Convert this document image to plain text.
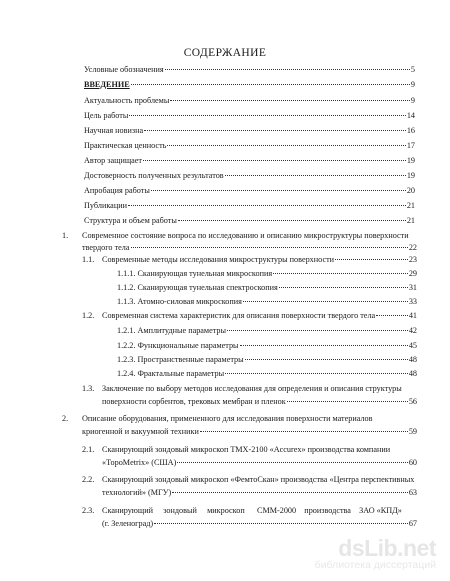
СОДЕРЖАНИЕ
Условные обозначения	5
ВВЕДЕНИЕ	9
Актуальность проблемы	9
Цель работы	14
Научная новизна	16
Практическая ценность	17
Автор защищает	19
Достоверность полученных результатов	19
Апробация работы	20
Публикации	21
Структура и объем работы	21
1. Современное состояние вопроса по исследованию и описанию микроструктуры поверхности
твердого тела	22
1.1. Современные методы исследования микроструктуры поверхности	23
1.1.1. Сканирующая тунельная микроскопия	29
1.1.2. Сканирующая тунельная спектроскопия	31
1.1.3. Атомно-силовая микроскопия	33
1.2. Современная система характеристик для описания поверхности твердого тела	41
1.2.1. Амплитудные параметры	42
1.2.2. Функциональные параметры	45
1.2.3. Пространственные параметры	48
1.2.4. Фрактальные параметры	48
1.3. Заключение по выбору методов исследования для определения и описания структуры
поверхности сорбентов, трековых мембран и пленок	56
2. Описание оборудования, примененного для исследования поверхности материалов
криогенной и вакуумной техники	59
2.1. Сканирующий зондовый микроскоп ТМХ-2100 «Accurex» производства компании
«TopoMetrix» (США)	60
2.2. Сканирующий зондовый микроскоп «ФемтоСкан» производства «Центра перспективных
технологий» (МГУ)	63
2.3. Сканирующий     зондовый     микроскоп      СММ-2000    производства    ЗАО «КПД»
(г. Зеленоград)	67
dsLib.net
библиотека диссертаций
